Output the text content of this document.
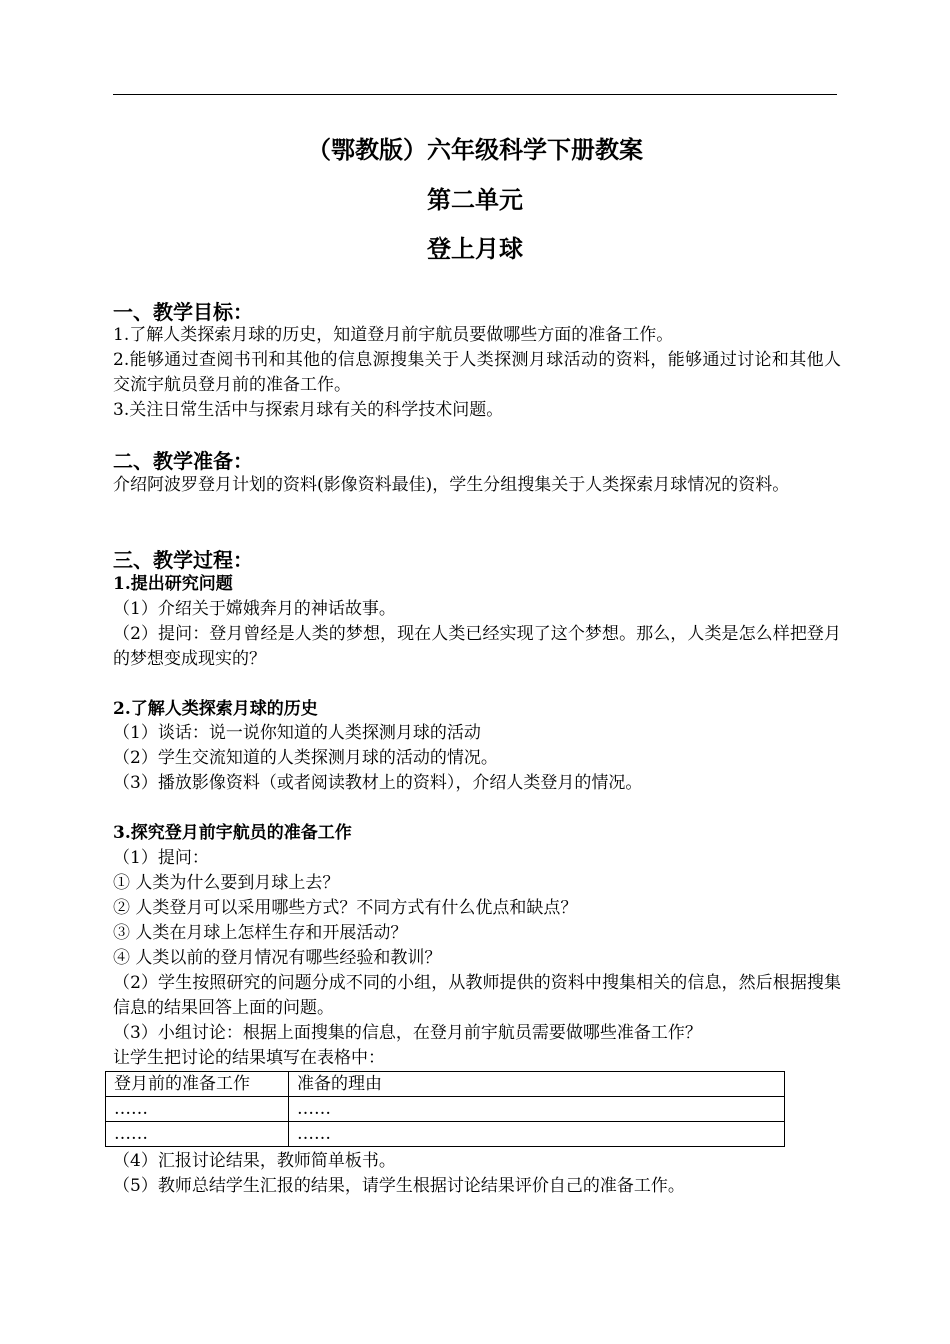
（鄂教版）六年级科学下册教案
第二单元
登上月球
一、教学目标：
1.了解人类探索月球的历史，知道登月前宇航员要做哪些方面的准备工作。
2.能够通过查阅书刊和其他的信息源搜集关于人类探测月球活动的资料，能够通过讨论和其他人交流宇航员登月前的准备工作。
3.关注日常生活中与探索月球有关的科学技术问题。
二、教学准备：
介绍阿波罗登月计划的资料(影像资料最佳)，学生分组搜集关于人类探索月球情况的资料。
三、教学过程：
1.提出研究问题
（1）介绍关于嫦娥奔月的神话故事。
（2）提问：登月曾经是人类的梦想，现在人类已经实现了这个梦想。那么，人类是怎么样把登月的梦想变成现实的？
2.了解人类探索月球的历史
（1）谈话：说一说你知道的人类探测月球的活动
（2）学生交流知道的人类探测月球的活动的情况。
（3）播放影像资料（或者阅读教材上的资料），介绍人类登月的情况。
3.探究登月前宇航员的准备工作
（1）提问：
① 人类为什么要到月球上去？
② 人类登月可以采用哪些方式？不同方式有什么优点和缺点？
③ 人类在月球上怎样生存和开展活动？
④ 人类以前的登月情况有哪些经验和教训？
（2）学生按照研究的问题分成不同的小组，从教师提供的资料中搜集相关的信息，然后根据搜集信息的结果回答上面的问题。
（3）小组讨论：根据上面搜集的信息，在登月前宇航员需要做哪些准备工作？
让学生把讨论的结果填写在表格中：
登月前的准备工作	准备的理由
……	……
……	……
（4）汇报讨论结果，教师简单板书。
（5）教师总结学生汇报的结果，请学生根据讨论结果评价自己的准备工作。
